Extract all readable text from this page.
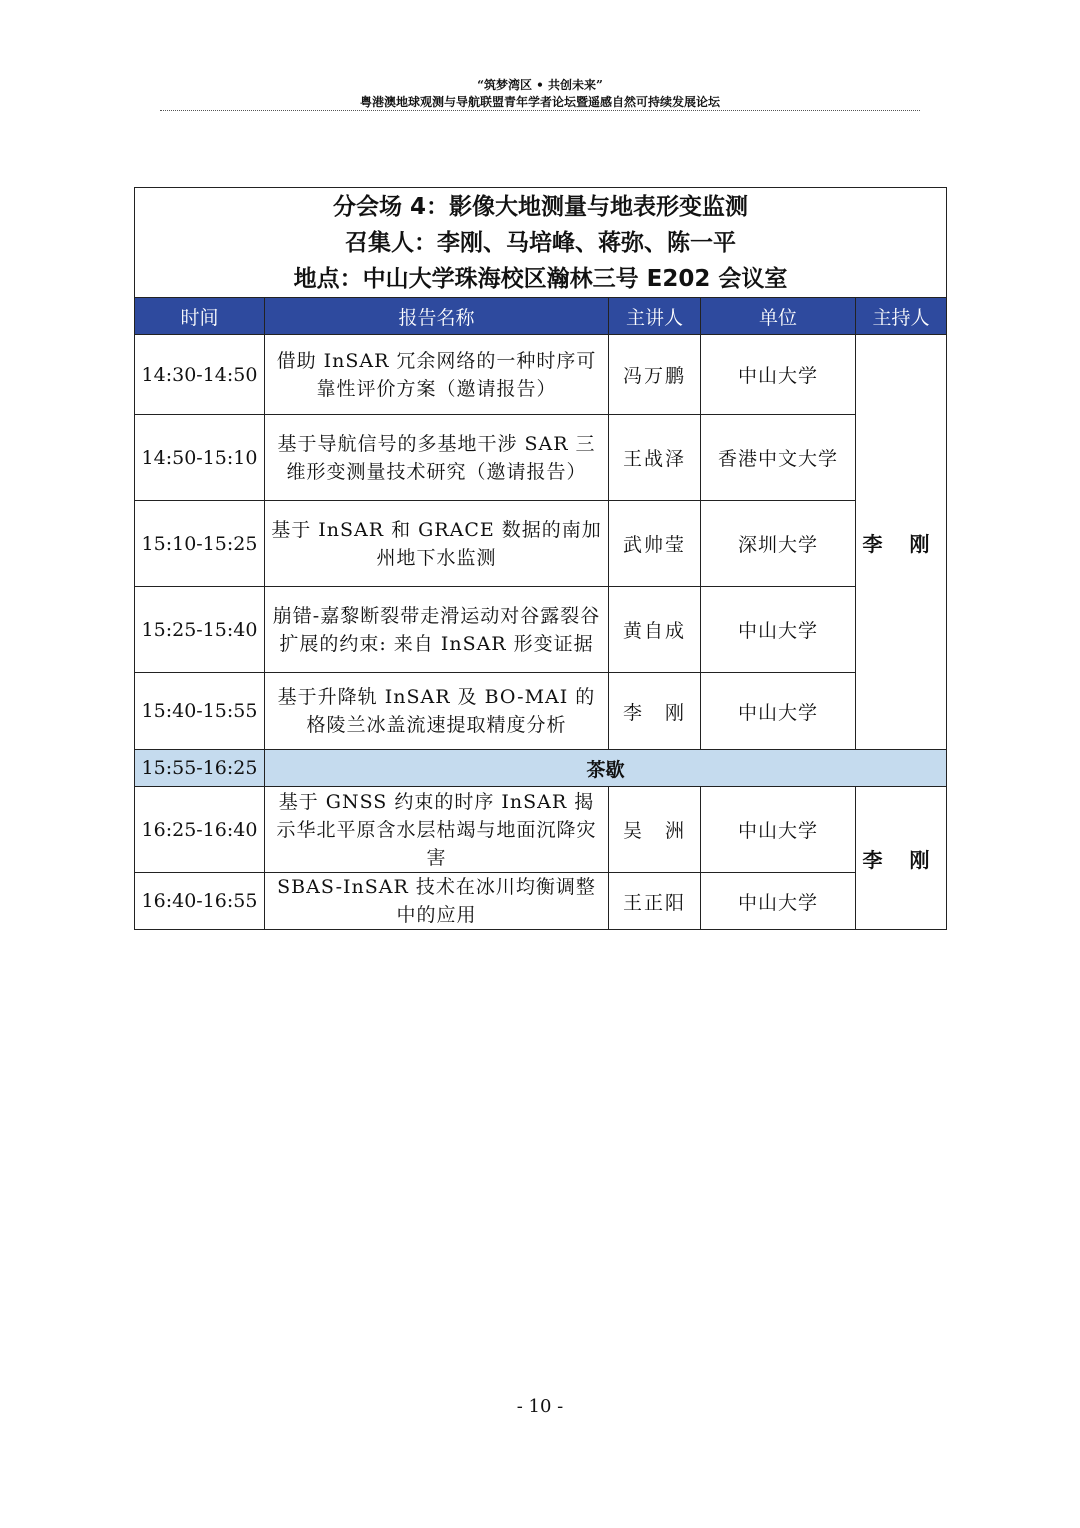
“筑梦湾区 • 共创未来”
粤港澳地球观测与导航联盟青年学者论坛暨遥感自然可持续发展论坛
分会场 4：影像大地测量与地表形变监测
召集人：李刚、马培峰、蒋弥、陈一平
地点：中山大学珠海校区瀚林三号 E202 会议室				

时间	报告名称	主讲人	单位	主持人
14:30-14:50	借助 InSAR 冗余网络的一种时序可靠性评价方案（邀请报告）	冯万鹏	中山大学	李 刚
14:50-15:10	基于导航信号的多基地干涉 SAR 三维形变测量技术研究（邀请报告）	王战泽	香港中文大学	
15:10-15:25	基于 InSAR 和 GRACE 数据的南加州地下水监测	武帅莹	深圳大学	
15:25-15:40	崩错-嘉黎断裂带走滑运动对谷露裂谷扩展的约束: 来自 InSAR 形变证据	黄自成	中山大学	
15:40-15:55	基于升降轨 InSAR 及 BO-MAI 的格陵兰冰盖流速提取精度分析	李　刚	中山大学	
15:55-16:25	茶歇			
16:25-16:40	基于 GNSS 约束的时序 InSAR 揭示华北平原含水层枯竭与地面沉降灾害	吴　洲	中山大学	李 刚
16:40-16:55	SBAS-InSAR 技术在冰川均衡调整中的应用	王正阳	中山大学	
- 10 -
